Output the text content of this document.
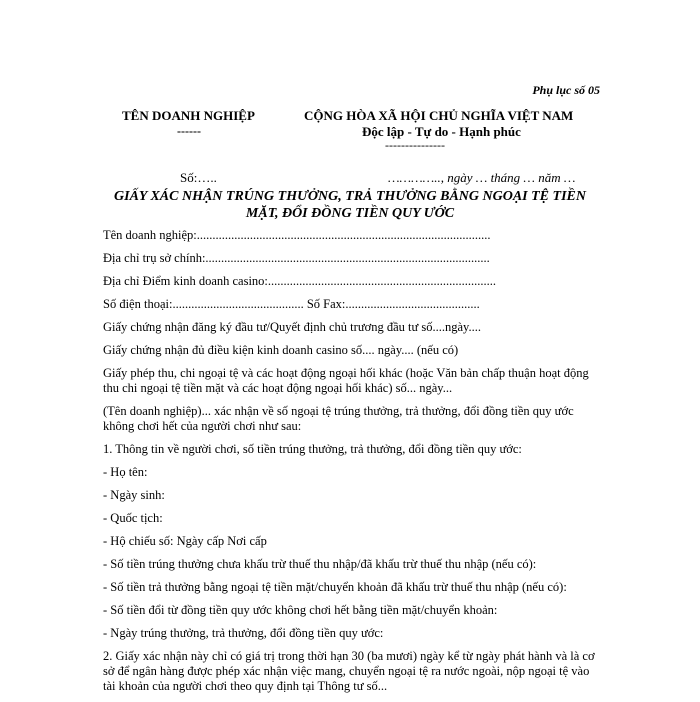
Phụ lục số 05
TÊN DOANH NGHIỆP
------
CỘNG HÒA XÃ HỘI CHỦ NGHĨA VIỆT NAM
Độc lập - Tự do - Hạnh phúc
---------------
Số:…..	………….., ngày … tháng … năm …
GIẤY XÁC NHẬN TRÚNG THƯỞNG, TRẢ THƯỞNG BẰNG NGOẠI TỆ TIỀN MẶT, ĐỔI ĐỒNG TIỀN QUY ƯỚC
Tên doanh nghiệp:..............................................................................................
Địa chỉ trụ sở chính:...........................................................................................
Địa chỉ Điểm kinh doanh casino:.........................................................................
Số điện thoại:.......................................... Số Fax:...........................................
Giấy chứng nhận đăng ký đầu tư/Quyết định chủ trương đầu tư số....ngày....
Giấy chứng nhận đủ điều kiện kinh doanh casino số.... ngày.... (nếu có)
Giấy phép thu, chi ngoại tệ và các hoạt động ngoại hối khác (hoặc Văn bản chấp thuận hoạt động thu chi ngoại tệ tiền mặt và các hoạt động ngoại hối khác) số... ngày...
(Tên doanh nghiệp)... xác nhận về số ngoại tệ trúng thưởng, trả thưởng, đổi đồng tiền quy ước không chơi hết của người chơi như sau:
1. Thông tin về người chơi, số tiền trúng thưởng, trả thưởng, đổi đồng tiền quy ước:
- Họ tên:
- Ngày sinh:
- Quốc tịch:
- Hộ chiếu số: Ngày cấp Nơi cấp
- Số tiền trúng thưởng chưa khấu trừ thuế thu nhập/đã khấu trừ thuế thu nhập (nếu có):
- Số tiền trả thưởng bằng ngoại tệ tiền mặt/chuyển khoản đã khấu trừ thuế thu nhập (nếu có):
- Số tiền đổi từ đồng tiền quy ước không chơi hết bằng tiền mặt/chuyển khoản:
- Ngày trúng thưởng, trả thưởng, đổi đồng tiền quy ước:
2. Giấy xác nhận này chỉ có giá trị trong thời hạn 30 (ba mươi) ngày kể từ ngày phát hành và là cơ sở để ngân hàng được phép xác nhận việc mang, chuyển ngoại tệ ra nước ngoài, nộp ngoại tệ vào tài khoản của người chơi theo quy định tại Thông tư số...
